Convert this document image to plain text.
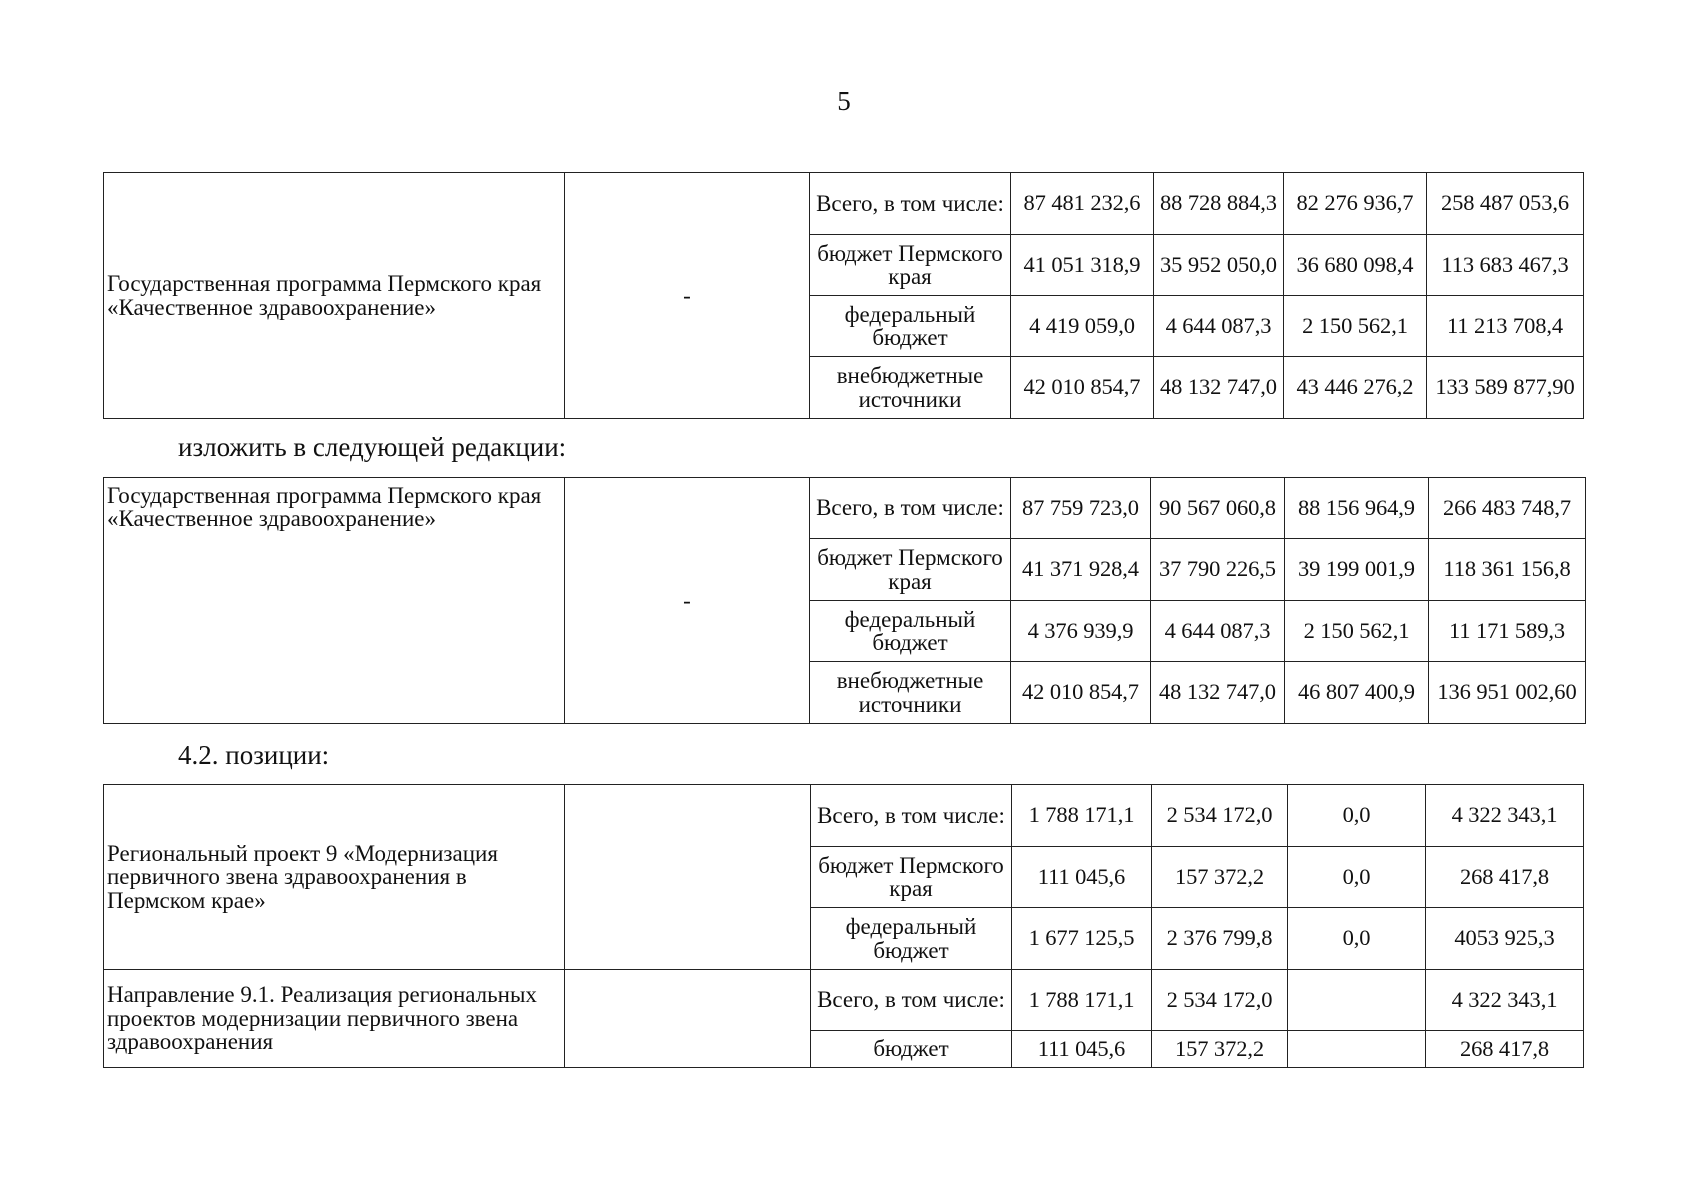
5
Государственная программа Пермского края «Качественное здравоохранение»	-	Всего, в том числе:	87 481 232,6	88 728 884,3	82 276 936,7	258 487 053,6
		бюджет Пермского края	41 051 318,9	35 952 050,0	36 680 098,4	113 683 467,3
		федеральный бюджет	4 419 059,0	4 644 087,3	2 150 562,1	11 213 708,4
		внебюджетные источники	42 010 854,7	48 132 747,0	43 446 276,2	133 589 877,90
изложить в следующей редакции:
Государственная программа Пермского края «Качественное здравоохранение»	-	Всего, в том числе:	87 759 723,0	90 567 060,8	88 156 964,9	266 483 748,7
		бюджет Пермского края	41 371 928,4	37 790 226,5	39 199 001,9	118 361 156,8
		федеральный бюджет	4 376 939,9	4 644 087,3	2 150 562,1	11 171 589,3
		внебюджетные источники	42 010 854,7	48 132 747,0	46 807 400,9	136 951 002,60
4.2. позиции:
Региональный проект 9 «Модернизация первичного звена здравоохранения в Пермском крае»		Всего, в том числе:	1 788 171,1	2 534 172,0	0,0	4 322 343,1
		бюджет Пермского края	111 045,6	157 372,2	0,0	268 417,8
		федеральный бюджет	1 677 125,5	2 376 799,8	0,0	4053 925,3
Направление 9.1. Реализация региональных проектов модернизации первичного звена здравоохранения		Всего, в том числе:	1 788 171,1	2 534 172,0		4 322 343,1
		бюджет	111 045,6	157 372,2		268 417,8
